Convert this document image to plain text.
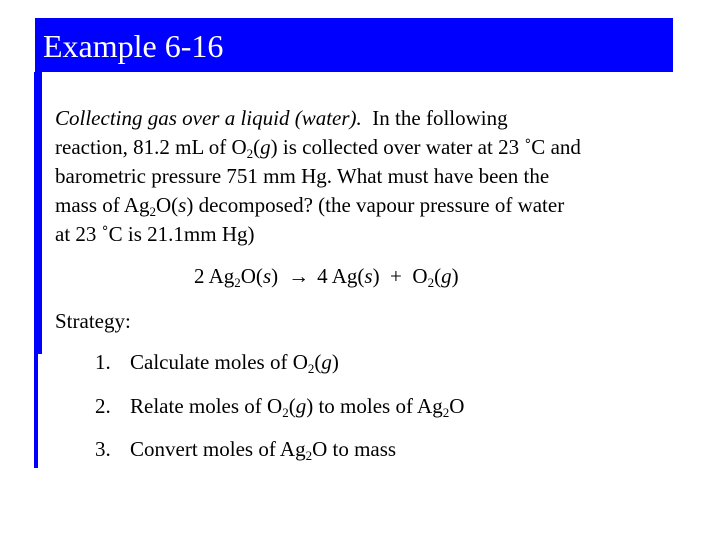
Example 6-16
Collecting gas over a liquid (water).  In the following
reaction, 81.2 mL of $O_2(g)$ is collected over water at 23 ˚C and
barometric pressure 751 mm Hg. What must have been the
mass of $Ag_2O(s)$ decomposed? (the vapour pressure of water
at 23 ˚C is 21.1mm Hg)
2 $Ag_2O(s) \to 4$ $Ag(s) + O_2(g)$
Strategy:
1. Calculate moles of $O_2(g)$
2. Relate moles of $O_2(g)$ to moles of $Ag_2O$
3. Convert moles of $Ag_2O$ to mass
